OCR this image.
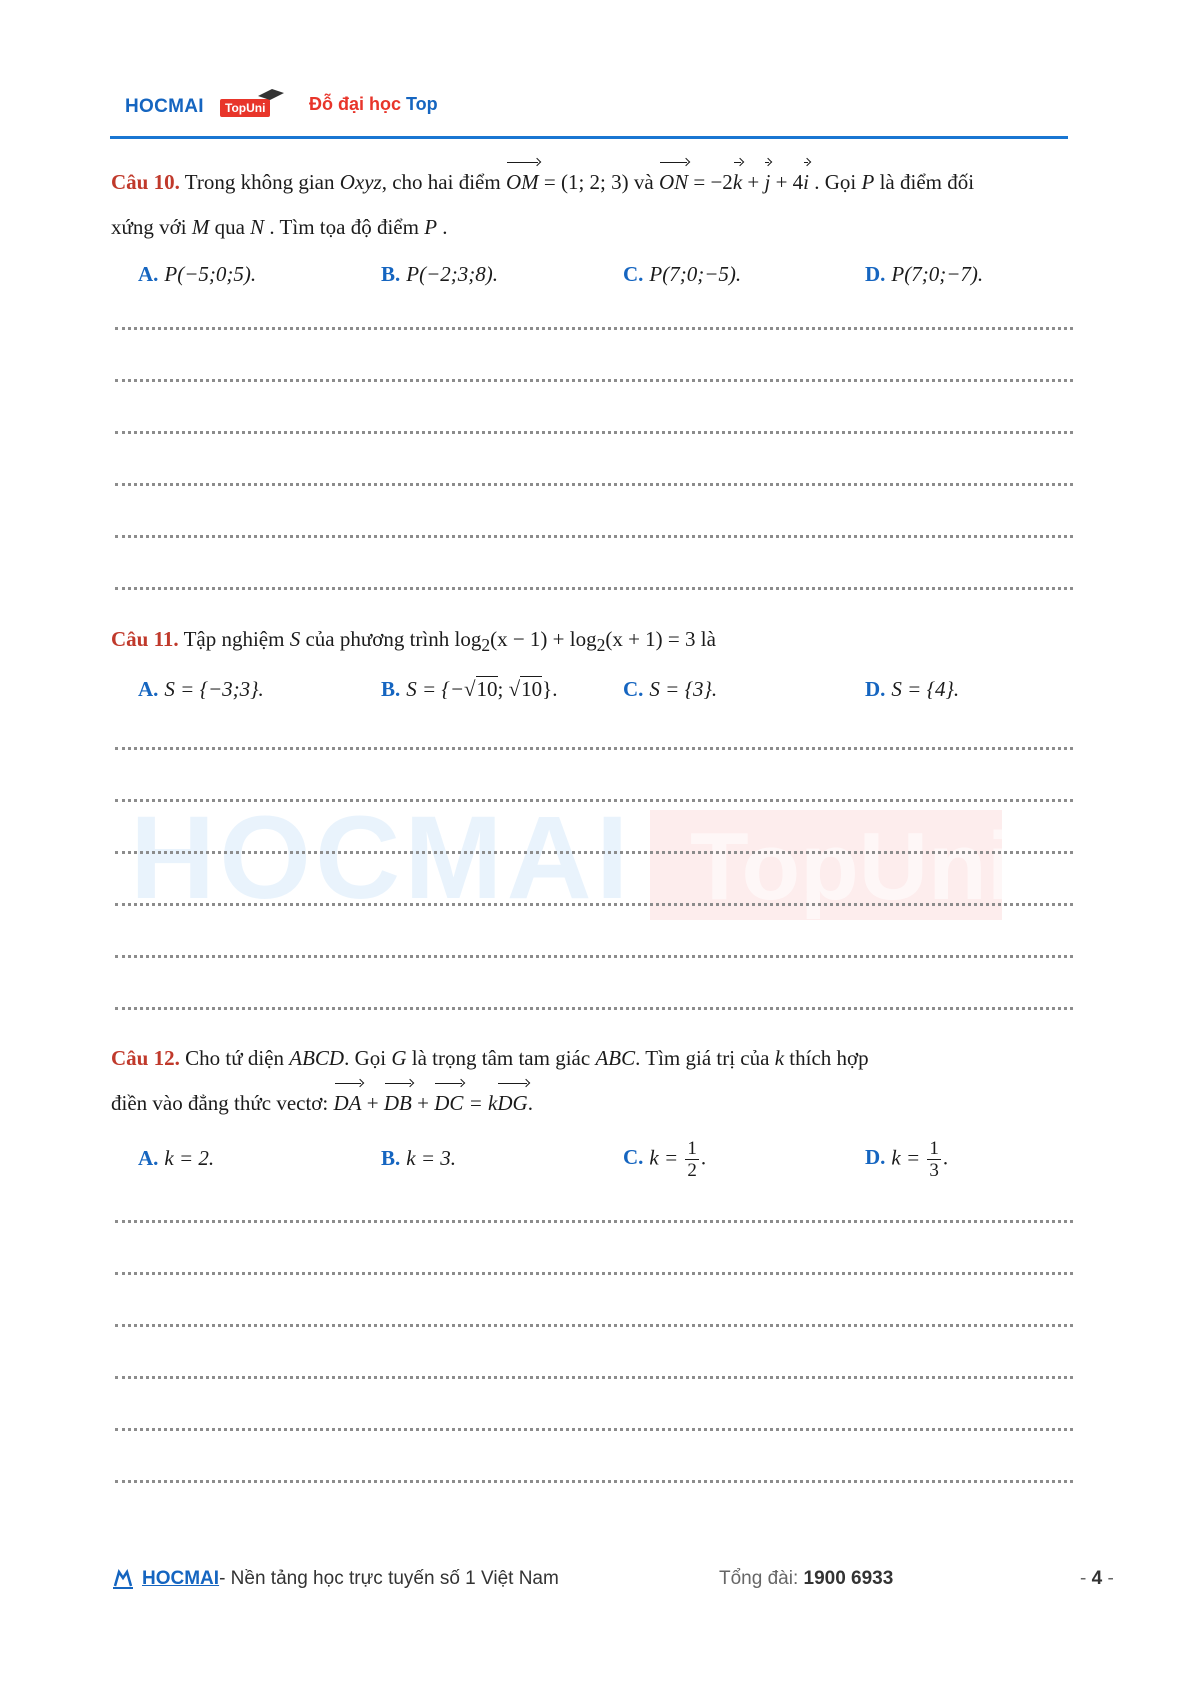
HOCMAI	TopUni Đỗ đại học Top
HOCMAI TopUni
Câu 10. Trong không gian Oxyz, cho hai điểm OM = (1; 2; 3) và ON = −2k + j + 4i . Gọi P là điểm đối
xứng với M qua N . Tìm tọa độ điểm P .
A. P(−5;0;5).	B. P(−2;3;8).	C. P(7;0;−5).	D. P(7;0;−7).
Câu 11. Tập nghiệm S của phương trình $\log_2(x - 1) + \log_2(x + 1) = 3$ là
A. S = {−3;3}.	B. S = {−√10; √10}.	C. S = {3}.	D. S = {4}.
Câu 12. Cho tứ diện ABCD. Gọi G là trọng tâm tam giác ABC. Tìm giá trị của k thích hợp
điền vào đẳng thức vectơ: DA + DB + DC = kDG.
A. k = 2.	B. k = 3.	C. $k = \frac{1}{2}$ .	D. $k = \frac{1}{3}$ .
HOCMAI - Nền tảng học trực tuyến số 1 Việt Nam	Tổng đài: 1900 6933	- 4 -
